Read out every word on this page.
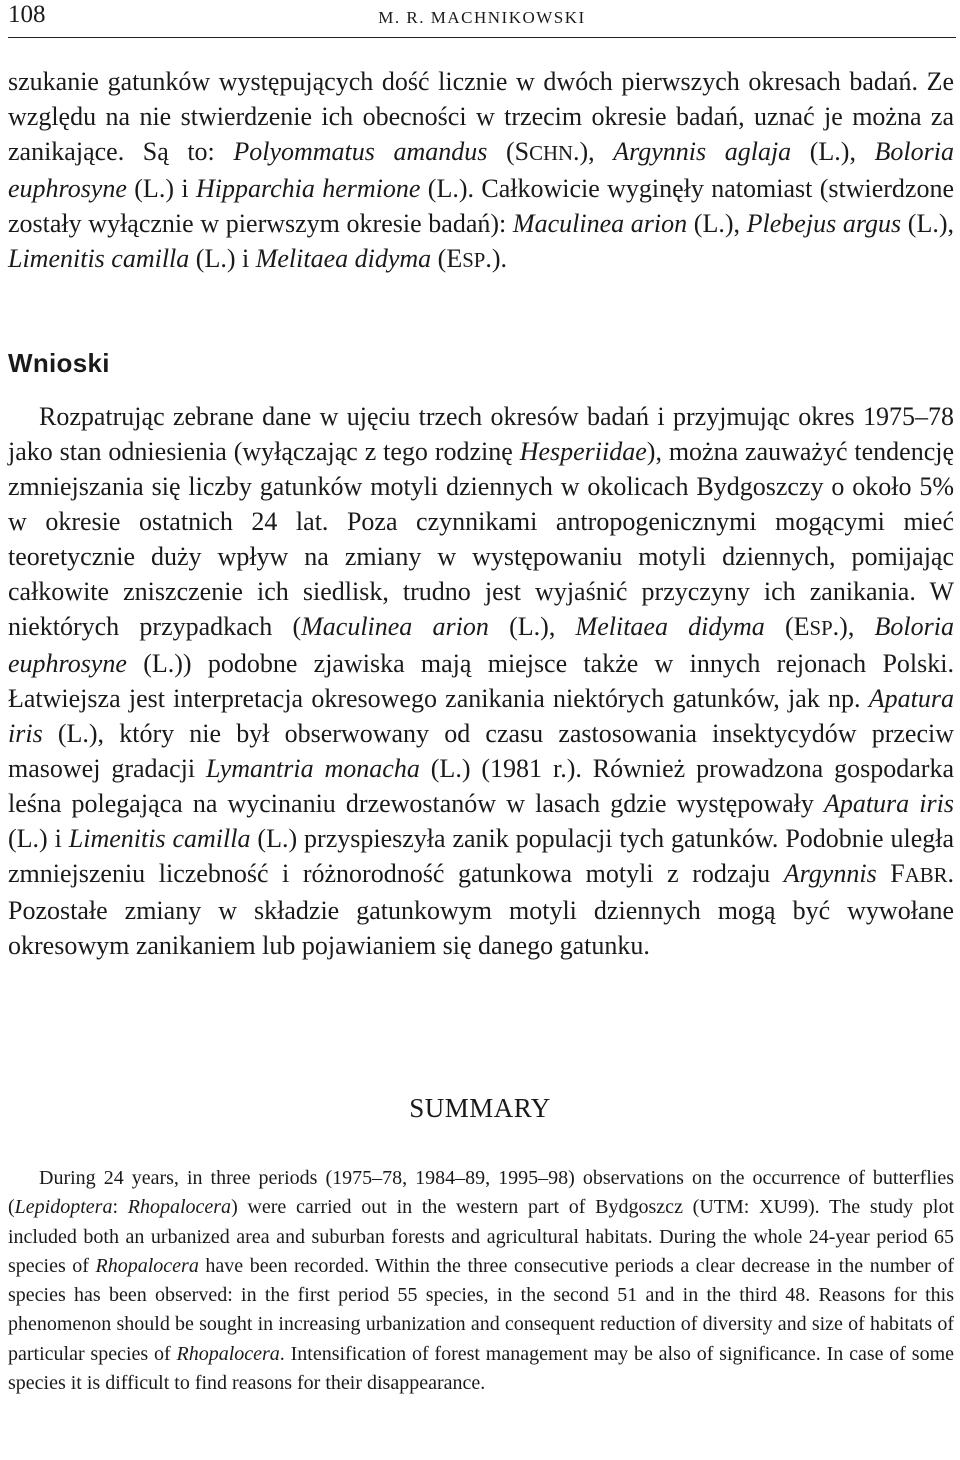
108	M. R. MACHNIKOWSKI

szukanie gatunków występujących dość licznie w dwóch pierwszych okresach badań. Ze względu na nie stwierdzenie ich obecności w trzecim okresie badań, uznać je można za zanikające. Są to: Polyommatus amandus (SCHN.), Argynnis aglaja (L.), Boloria euphrosyne (L.) i Hipparchia hermione (L.). Całkowicie wyginęły natomiast (stwierdzone zostały wyłącznie w pierwszym okresie badań): Maculinea arion (L.), Plebejus argus (L.), Limenitis camilla (L.) i Melitaea didyma (ESP.).

Wnioski

Rozpatrując zebrane dane w ujęciu trzech okresów badań i przyjmując okres 1975–78 jako stan odniesienia (wyłączając z tego rodzinę Hesperiidae), można zauważyć tendencję zmniejszania się liczby gatunków motyli dziennych w okolicach Bydgoszczy o około 5% w okresie ostatnich 24 lat. Poza czynnikami antropogenicznymi mogącymi mieć teoretycznie duży wpływ na zmiany w występowaniu motyli dziennych, pomijając całkowite zniszczenie ich siedlisk, trudno jest wyjaśnić przyczyny ich zanikania. W niektórych przypadkach (Maculinea arion (L.), Melitaea didyma (ESP.), Boloria euphrosyne (L.)) podobne zjawiska mają miejsce także w innych rejonach Polski. Łatwiejsza jest interpretacja okresowego zanikania niektórych gatunków, jak np. Apatura iris (L.), który nie był obserwowany od czasu zastosowania insektycydów przeciw masowej gradacji Lymantria monacha (L.) (1981 r.). Również prowadzona gospodarka leśna polegająca na wycinaniu drzewostanów w lasach gdzie występowały Apatura iris (L.) i Limenitis camilla (L.) przyspieszyła zanik populacji tych gatunków. Podobnie uległa zmniejszeniu liczebność i różnorodność gatunkowa motyli z rodzaju Argynnis FABR. Pozostałe zmiany w składzie gatunkowym motyli dziennych mogą być wywołane okresowym zanikaniem lub pojawianiem się danego gatunku.

SUMMARY

During 24 years, in three periods (1975–78, 1984–89, 1995–98) observations on the occurrence of butterflies (Lepidoptera: Rhopalocera) were carried out in the western part of Bydgoszcz (UTM: XU99). The study plot included both an urbanized area and suburban forests and agricultural habitats. During the whole 24-year period 65 species of Rhopalocera have been recorded. Within the three consecutive periods a clear decrease in the number of species has been observed: in the first period 55 species, in the second 51 and in the third 48. Reasons for this phenomenon should be sought in increasing urbanization and consequent reduction of diversity and size of habitats of particular species of Rhopalocera. Intensification of forest management may be also of significance. In case of some species it is difficult to find reasons for their disappearance.
